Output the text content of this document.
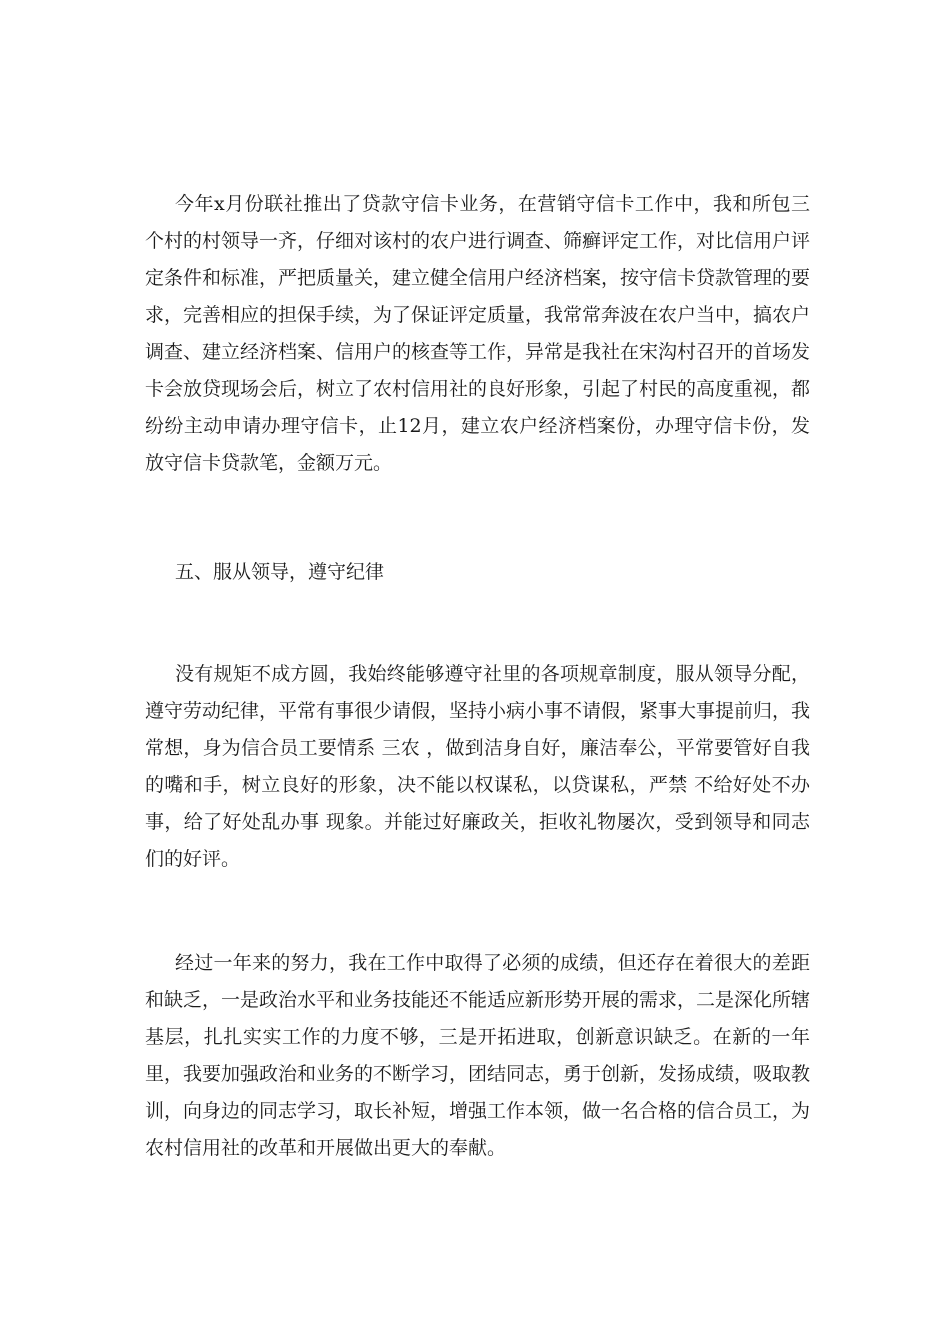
今年x月份联社推出了贷款守信卡业务，在营销守信卡工作中，我和所包三个村的村领导一齐，仔细对该村的农户进行调查、筛癣评定工作，对比信用户评定条件和标准，严把质量关，建立健全信用户经济档案，按守信卡贷款管理的要求，完善相应的担保手续，为了保证评定质量，我常常奔波在农户当中，搞农户调查、建立经济档案、信用户的核查等工作，异常是我社在宋沟村召开的首场发卡会放贷现场会后，树立了农村信用社的良好形象，引起了村民的高度重视，都纷纷主动申请办理守信卡，止12月，建立农户经济档案份，办理守信卡份，发放守信卡贷款笔，金额万元。

五、服从领导，遵守纪律

没有规矩不成方圆，我始终能够遵守社里的各项规章制度，服从领导分配，遵守劳动纪律，平常有事很少请假，坚持小病小事不请假，紧事大事提前归，我常想，身为信合员工要情系 三农 ，做到洁身自好，廉洁奉公，平常要管好自我的嘴和手，树立良好的形象，决不能以权谋私，以贷谋私，严禁 不给好处不办事，给了好处乱办事 现象。并能过好廉政关，拒收礼物屡次，受到领导和同志们的好评。

经过一年来的努力，我在工作中取得了必须的成绩，但还存在着很大的差距和缺乏，一是政治水平和业务技能还不能适应新形势开展的需求，二是深化所辖基层，扎扎实实工作的力度不够，三是开拓进取，创新意识缺乏。在新的一年里，我要加强政治和业务的不断学习，团结同志，勇于创新，发扬成绩，吸取教训，向身边的同志学习，取长补短，增强工作本领，做一名合格的信合员工，为农村信用社的改革和开展做出更大的奉献。
